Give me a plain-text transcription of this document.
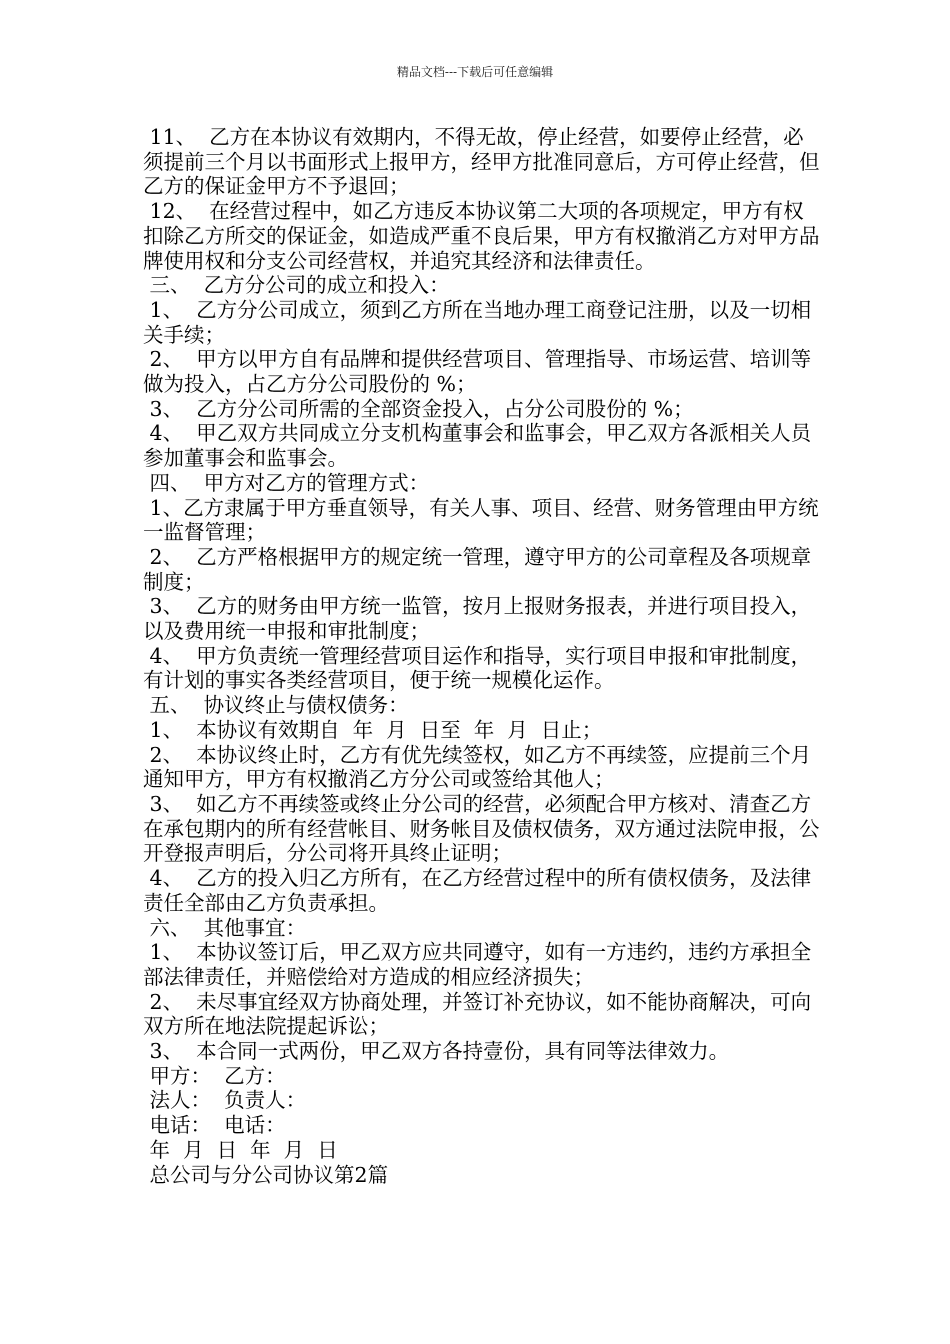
精品文档---下载后可任意编辑

11、  乙方在本协议有效期内，不得无故，停止经营，如要停止经营，必须提前三个月以书面形式上报甲方，经甲方批准同意后，方可停止经营，但乙方的保证金甲方不予退回；

12、  在经营过程中，如乙方违反本协议第二大项的各项规定，甲方有权扣除乙方所交的保证金，如造成严重不良后果，甲方有权撤消乙方对甲方品牌使用权和分支公司经营权，并追究其经济和法律责任。

三、  乙方分公司的成立和投入：

1、  乙方分公司成立，须到乙方所在当地办理工商登记注册，以及一切相关手续；

2、  甲方以甲方自有品牌和提供经营项目、管理指导、市场运营、培训等做为投入，占乙方分公司股份的 %；

3、  乙方分公司所需的全部资金投入，占分公司股份的 %；

4、  甲乙双方共同成立分支机构董事会和监事会，甲乙双方各派相关人员参加董事会和监事会。

四、  甲方对乙方的管理方式：

1、乙方隶属于甲方垂直领导，有关人事、项目、经营、财务管理由甲方统一监督管理；

2、  乙方严格根据甲方的规定统一管理，遵守甲方的公司章程及各项规章制度；

3、  乙方的财务由甲方统一监管，按月上报财务报表，并进行项目投入，以及费用统一申报和审批制度；

4、  甲方负责统一管理经营项目运作和指导，实行项目申报和审批制度，有计划的事实各类经营项目，便于统一规模化运作。

五、  协议终止与债权债务：

1、  本协议有效期自  年  月  日至  年  月  日止；

2、  本协议终止时，乙方有优先续签权，如乙方不再续签，应提前三个月通知甲方，甲方有权撤消乙方分公司或签给其他人；

3、  如乙方不再续签或终止分公司的经营，必须配合甲方核对、清查乙方在承包期内的所有经营帐目、财务帐目及债权债务，双方通过法院申报，公开登报声明后，分公司将开具终止证明；

4、  乙方的投入归乙方所有，在乙方经营过程中的所有债权债务，及法律责任全部由乙方负责承担。

六、  其他事宜：

1、  本协议签订后，甲乙双方应共同遵守，如有一方违约，违约方承担全部法律责任，并赔偿给对方造成的相应经济损失；

2、  未尽事宜经双方协商处理，并签订补充协议，如不能协商解决，可向双方所在地法院提起诉讼；

3、  本合同一式两份，甲乙双方各持壹份，具有同等法律效力。

甲方：  乙方：

法人：  负责人：

电话：  电话：

年  月  日  年  月  日

总公司与分公司协议第2篇
